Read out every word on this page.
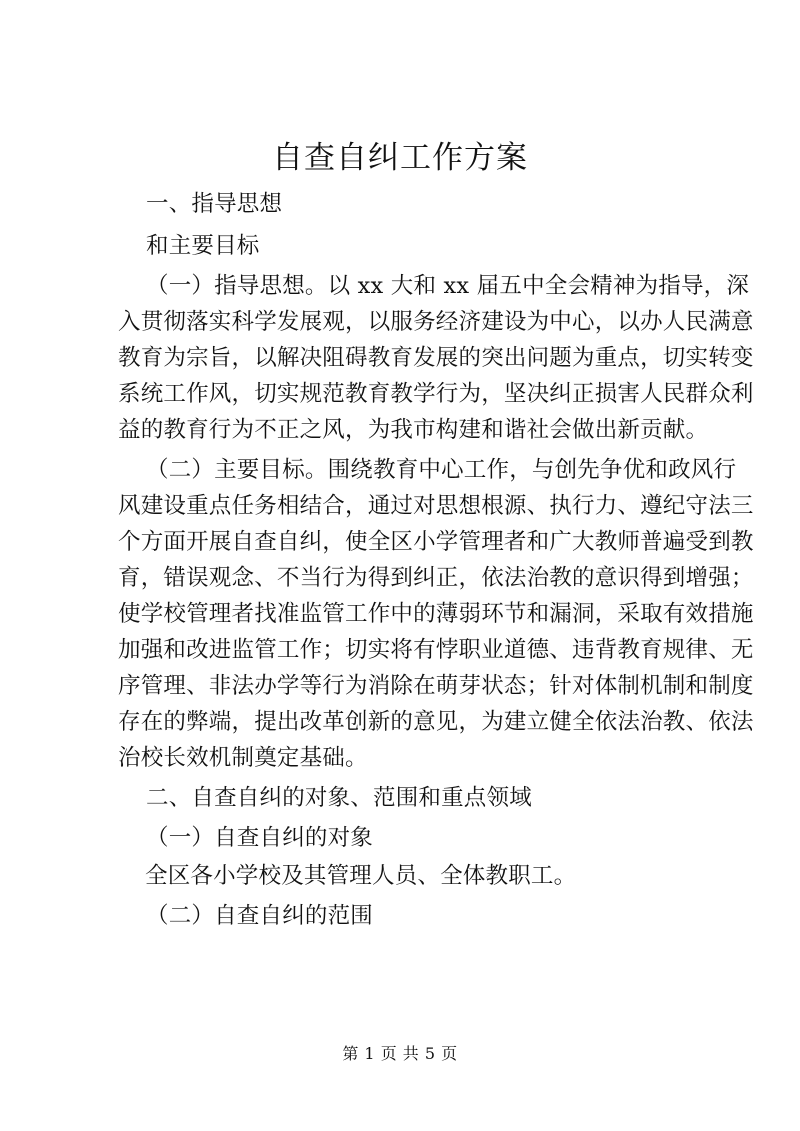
自查自纠工作方案
一、指导思想
和主要目标
（一）指导思想。以 xx 大和 xx 届五中全会精神为指导，深
入贯彻落实科学发展观，以服务经济建设为中心，以办人民满意
教育为宗旨，以解决阻碍教育发展的突出问题为重点，切实转变
系统工作风，切实规范教育教学行为，坚决纠正损害人民群众利
益的教育行为不正之风，为我市构建和谐社会做出新贡献。
（二）主要目标。围绕教育中心工作，与创先争优和政风行
风建设重点任务相结合，通过对思想根源、执行力、遵纪守法三
个方面开展自查自纠，使全区小学管理者和广大教师普遍受到教
育，错误观念、不当行为得到纠正，依法治教的意识得到增强；
使学校管理者找准监管工作中的薄弱环节和漏洞，采取有效措施
加强和改进监管工作；切实将有悖职业道德、违背教育规律、无
序管理、非法办学等行为消除在萌芽状态；针对体制机制和制度
存在的弊端，提出改革创新的意见，为建立健全依法治教、依法
治校长效机制奠定基础。
二、自查自纠的对象、范围和重点领域
（一）自查自纠的对象
全区各小学校及其管理人员、全体教职工。
（二）自查自纠的范围
第 1 页 共 5 页
